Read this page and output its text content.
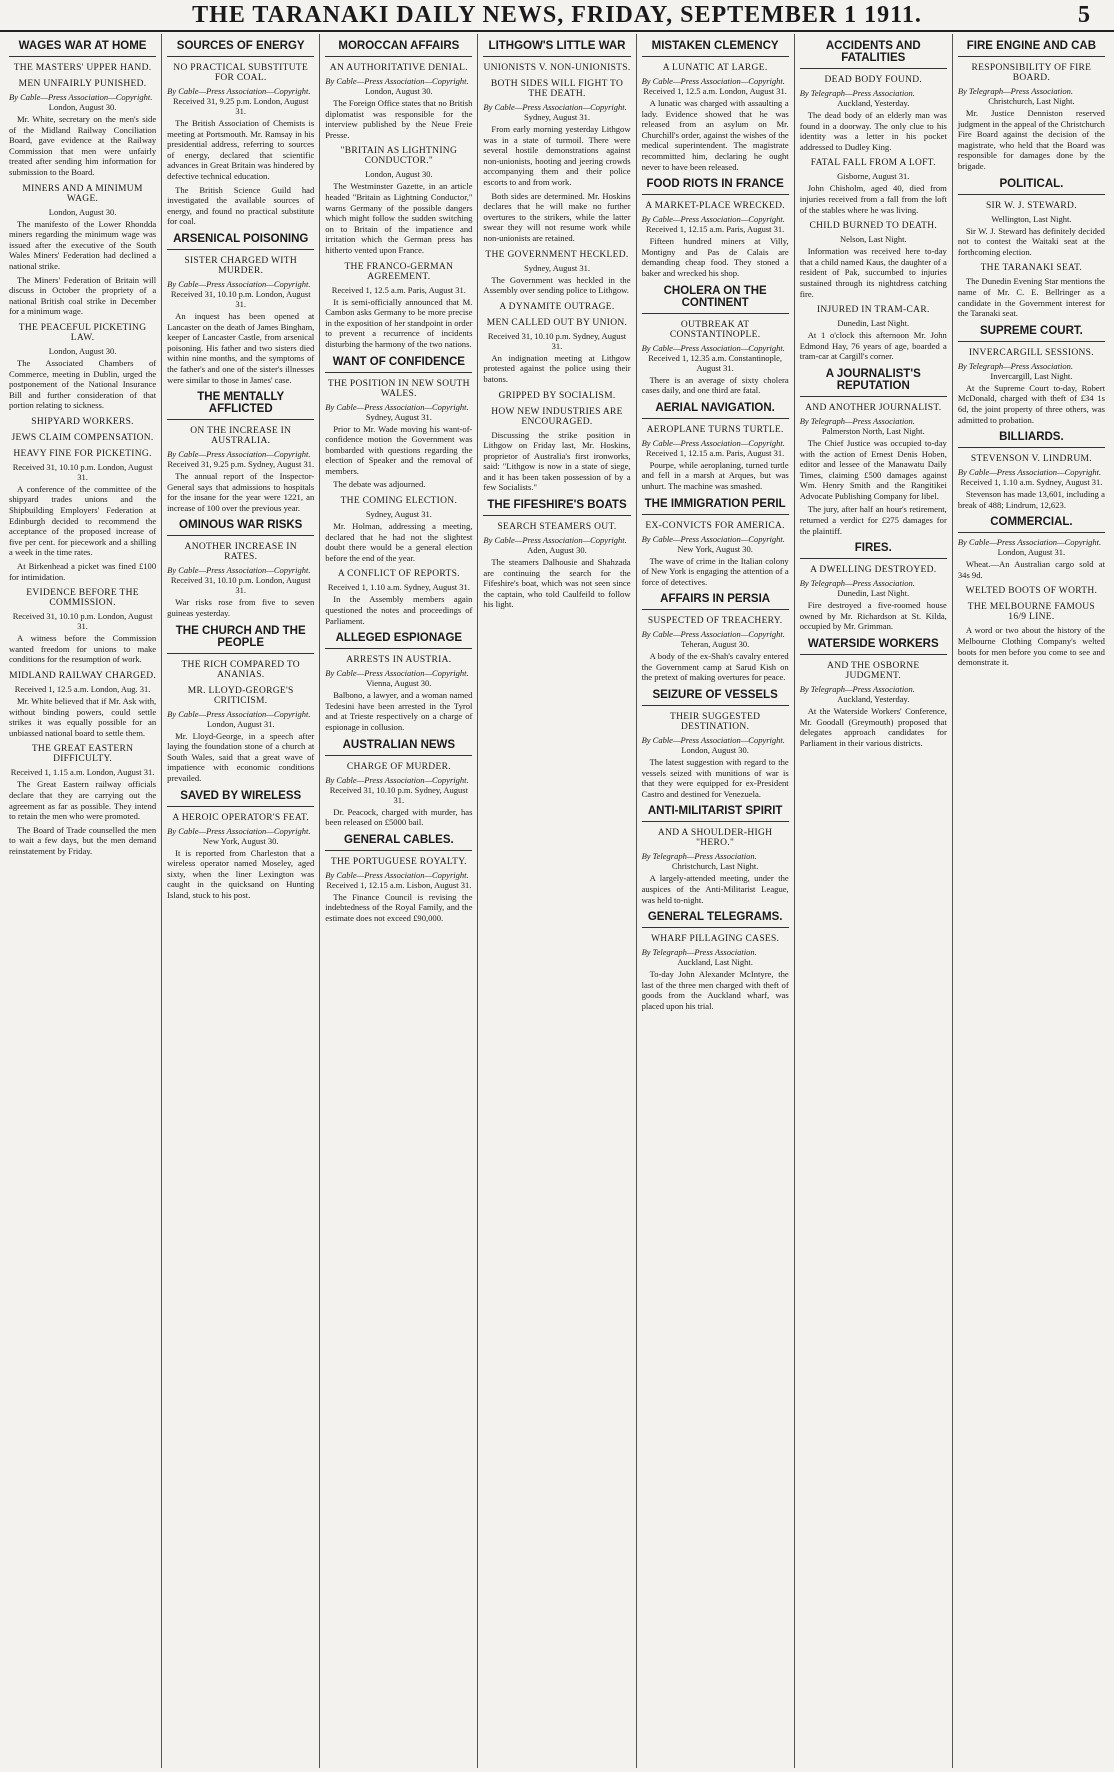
THE TARANAKI DAILY NEWS, FRIDAY, SEPTEMBER 1 1911.	5
WAGES WAR AT HOME
THE MASTERS' UPPER HAND.
MEN UNFAIRLY PUNISHED.
By Cable—Press Association—Copyright.
London, August 30.

Mr. White, secretary on the men's side of the Midland Railway Conciliation Board, gave evidence at the Railway Commission that men were unfairly treated after sending him information for submission to the Board.

MINERS AND A MINIMUM WAGE.
London, August 30.

The manifesto of the Lower Rhondda miners regarding the minimum wage was issued after the executive of the South Wales Miners' Federation had declined a national strike.

The Miners' Federation of Britain will discuss in October the propriety of a national British coal strike in December for a minimum wage.

THE PEACEFUL PICKETING LAW.
London, August 30.

The Associated Chambers of Commerce, meeting in Dublin, urged the postponement of the National Insurance Bill and further consideration of that portion relating to sickness.

SHIPYARD WORKERS.
JEWS CLAIM COMPENSATION.
HEAVY FINE FOR PICKETING.
Received 31, 10.10 p.m. London, August 31.

A conference of the committee of the shipyard trades unions and the Shipbuilding Employers' Federation at Edinburgh decided to recommend the acceptance of the proposed increase of five per cent. for piecework and a shilling a week in the time rates.

At Birkenhead a picket was fined £100 for intimidation.

EVIDENCE BEFORE THE COMMISSION.
Received 31, 10.10 p.m. London, August 31.

A witness before the Commission wanted freedom for unions to make conditions for the resumption of work.

MIDLAND RAILWAY CHARGED.
Received 1, 12.5 a.m. London, Aug. 31.

Mr. White believed that if Mr. Ask with, without binding powers, could settle strikes it was equally possible for an unbiassed national board to settle them.

THE GREAT EASTERN DIFFICULTY.
Received 1, 1.15 a.m. London, August 31.

The Great Eastern railway officials declare that they are carrying out the agreement as far as possible. They intend to retain the men who were promoted.

The Board of Trade counselled the men to wait a few days, but the men demand reinstatement by Friday.

SOURCES OF ENERGY
NO PRACTICAL SUBSTITUTE FOR COAL.
By Cable—Press Association—Copyright.
Received 31, 9.25 p.m. London, August 31.

The British Association of Chemists is meeting at Portsmouth. Mr. Ramsay in his presidential address, referring to sources of energy, declared that scientific advances in Great Britain was hindered by defective technical education.

The British Science Guild had investigated the available sources of energy, and found no practical substitute for coal.

ARSENICAL POISONING
SISTER CHARGED WITH MURDER.
By Cable—Press Association—Copyright.
Received 31, 10.10 p.m. London, August 31.

An inquest has been opened at Lancaster on the death of James Bingham, keeper of Lancaster Castle, from arsenical poisoning. His father and two sisters died within nine months, and the symptoms of the father's and one of the sister's illnesses were similar to those in James' case.

THE MENTALLY AFFLICTED
ON THE INCREASE IN AUSTRALIA.
By Cable—Press Association—Copyright.
Received 31, 9.25 p.m. Sydney, August 31.

The annual report of the Inspector-General says that admissions to hospitals for the insane for the year were 1221, an increase of 100 over the previous year.

OMINOUS WAR RISKS
ANOTHER INCREASE IN RATES.
By Cable—Press Association—Copyright.
Received 31, 10.10 p.m. London, August 31.

War risks rose from five to seven guineas yesterday.

THE CHURCH AND THE PEOPLE
THE RICH COMPARED TO ANANIAS.
MR. LLOYD-GEORGE'S CRITICISM.
By Cable—Press Association—Copyright.
London, August 31.

Mr. Lloyd-George, in a speech after laying the foundation stone of a church at South Wales, said that a great wave of impatience with economic conditions prevailed.

SAVED BY WIRELESS
A HEROIC OPERATOR'S FEAT.
By Cable—Press Association—Copyright.
New York, August 30.

It is reported from Charleston that a wireless operator named Moseley, aged sixty, when the liner Lexington was caught in the quicksand on Hunting Island, stuck to his post.

MOROCCAN AFFAIRS
AN AUTHORITATIVE DENIAL.
By Cable—Press Association—Copyright.
London, August 30.

The Foreign Office states that no British diplomatist was responsible for the interview published by the Neue Freie Presse.

"BRITAIN AS LIGHTNING CONDUCTOR."
London, August 30.

The Westminster Gazette, in an article headed "Britain as Lightning Conductor," warns Germany of the possible dangers which might follow the sudden switching on to Britain of the impatience and irritation which the German press has hitherto vented upon France.

THE FRANCO-GERMAN AGREEMENT.
Received 1, 12.5 a.m. Paris, August 31.

It is semi-officially announced that M. Cambon asks Germany to be more precise in the exposition of her standpoint in order to prevent a recurrence of incidents disturbing the harmony of the two nations.

WANT OF CONFIDENCE
THE POSITION IN NEW SOUTH WALES.
By Cable—Press Association—Copyright.
Sydney, August 31.

Prior to Mr. Wade moving his want-of-confidence motion the Government was bombarded with questions regarding the election of Speaker and the removal of members.

The debate was adjourned.

THE COMING ELECTION.
Sydney, August 31.

Mr. Holman, addressing a meeting, declared that he had not the slightest doubt there would be a general election before the end of the year.

A CONFLICT OF REPORTS.
Received 1, 1.10 a.m. Sydney, August 31.

In the Assembly members again questioned the notes and proceedings of Parliament.

ALLEGED ESPIONAGE
ARRESTS IN AUSTRIA.
By Cable—Press Association—Copyright.
Vienna, August 30.

Balbono, a lawyer, and a woman named Tedesini have been arrested in the Tyrol and at Trieste respectively on a charge of espionage in collusion.

AUSTRALIAN NEWS
CHARGE OF MURDER.
By Cable—Press Association—Copyright.
Received 31, 10.10 p.m. Sydney, August 31.

Dr. Peacock, charged with murder, has been released on £5000 bail.

GENERAL CABLES.
THE PORTUGUESE ROYALTY.
By Cable—Press Association—Copyright.
Received 1, 12.15 a.m. Lisbon, August 31.

The Finance Council is revising the indebtedness of the Royal Family, and the estimate does not exceed £90,000.

LITHGOW'S LITTLE WAR
UNIONISTS V. NON-UNIONISTS.
BOTH SIDES WILL FIGHT TO THE DEATH.
By Cable—Press Association—Copyright.
Sydney, August 31.

From early morning yesterday Lithgow was in a state of turmoil. There were several hostile demonstrations against non-unionists, hooting and jeering crowds accompanying them and their police escorts to and from work.

Both sides are determined. Mr. Hoskins declares that he will make no further overtures to the strikers, while the latter swear they will not resume work while non-unionists are retained.

THE GOVERNMENT HECKLED.
Sydney, August 31.

The Government was heckled in the Assembly over sending police to Lithgow.

A DYNAMITE OUTRAGE.
MEN CALLED OUT BY UNION.
Received 31, 10.10 p.m. Sydney, August 31.

An indignation meeting at Lithgow protested against the police using their batons.

GRIPPED BY SOCIALISM.
HOW NEW INDUSTRIES ARE ENCOURAGED.

Discussing the strike position in Lithgow on Friday last, Mr. Hoskins, proprietor of Australia's first ironworks, said: "Lithgow is now in a state of siege, and it has been taken possession of by a few Socialists."

THE FIFESHIRE'S BOATS
SEARCH STEAMERS OUT.
By Cable—Press Association—Copyright.
Aden, August 30.

The steamers Dalhousie and Shahzada are continuing the search for the Fifeshire's boat, which was not seen since the captain, who told Caulfeild to follow his light.

MISTAKEN CLEMENCY
A LUNATIC AT LARGE.
By Cable—Press Association—Copyright.
Received 1, 12.5 a.m. London, August 31.

A lunatic was charged with assaulting a lady. Evidence showed that he was released from an asylum on Mr. Churchill's order, against the wishes of the medical superintendent. The magistrate recommitted him, declaring he ought never to have been released.

FOOD RIOTS IN FRANCE
A MARKET-PLACE WRECKED.
By Cable—Press Association—Copyright.
Received 1, 12.15 a.m. Paris, August 31.

Fifteen hundred miners at Villy, Montigny and Pas de Calais are demanding cheap food. They stoned a baker and wrecked his shop.

CHOLERA ON THE CONTINENT
OUTBREAK AT CONSTANTINOPLE.
By Cable—Press Association—Copyright.
Received 1, 12.35 a.m. Constantinople, August 31.

There is an average of sixty cholera cases daily, and one third are fatal.

AERIAL NAVIGATION.
AEROPLANE TURNS TURTLE.
By Cable—Press Association—Copyright.
Received 1, 12.15 a.m. Paris, August 31.

Pourpe, while aeroplaning, turned turtle and fell in a marsh at Arques, but was unhurt. The machine was smashed.

THE IMMIGRATION PERIL
EX-CONVICTS FOR AMERICA.
By Cable—Press Association—Copyright.
New York, August 30.

The wave of crime in the Italian colony of New York is engaging the attention of a force of detectives.

AFFAIRS IN PERSIA
SUSPECTED OF TREACHERY.
By Cable—Press Association—Copyright.
Teheran, August 30.

A body of the ex-Shah's cavalry entered the Government camp at Sarud Kish on the pretext of making overtures for peace.

SEIZURE OF VESSELS
THEIR SUGGESTED DESTINATION.
By Cable—Press Association—Copyright.
London, August 30.

The latest suggestion with regard to the vessels seized with munitions of war is that they were equipped for ex-President Castro and destined for Venezuela.

ANTI-MILITARIST SPIRIT
AND A SHOULDER-HIGH "HERO."
By Telegraph—Press Association.
Christchurch, Last Night.

A largely-attended meeting, under the auspices of the Anti-Militarist League, was held to-night.

GENERAL TELEGRAMS.
WHARF PILLAGING CASES.
By Telegraph—Press Association.
Auckland, Last Night.

To-day John Alexander McIntyre, the last of the three men charged with theft of goods from the Auckland wharf, was placed upon his trial.

ACCIDENTS AND FATALITIES
DEAD BODY FOUND.
By Telegraph—Press Association.
Auckland, Yesterday.

The dead body of an elderly man was found in a doorway. The only clue to his identity was a letter in his pocket addressed to Dudley King.

FATAL FALL FROM A LOFT.
Gisborne, August 31.

John Chisholm, aged 40, died from injuries received from a fall from the loft of the stables where he was living.

CHILD BURNED TO DEATH.
Nelson, Last Night.

Information was received here to-day that a child named Kaus, the daughter of a resident of Pak, succumbed to injuries sustained through its nightdress catching fire.

INJURED IN TRAM-CAR.
Dunedin, Last Night.

At 1 o'clock this afternoon Mr. John Edmond Hay, 76 years of age, boarded a tram-car at Cargill's corner.

A JOURNALIST'S REPUTATION
AND ANOTHER JOURNALIST.
By Telegraph—Press Association.
Palmerston North, Last Night.

The Chief Justice was occupied to-day with the action of Ernest Denis Hoben, editor and lessee of the Manawatu Daily Times, claiming £500 damages against Wm. Henry Smith and the Rangitikei Advocate Publishing Company for libel.

The jury, after half an hour's retirement, returned a verdict for £275 damages for the plaintiff.

FIRES.
A DWELLING DESTROYED.
By Telegraph—Press Association.
Dunedin, Last Night.

Fire destroyed a five-roomed house owned by Mr. Richardson at St. Kilda, occupied by Mr. Grimman.

WATERSIDE WORKERS
AND THE OSBORNE JUDGMENT.
By Telegraph—Press Association.
Auckland, Yesterday.

At the Waterside Workers' Conference, Mr. Goodall (Greymouth) proposed that delegates approach candidates for Parliament in their various districts.

FIRE ENGINE AND CAB
RESPONSIBILITY OF FIRE BOARD.
By Telegraph—Press Association.
Christchurch, Last Night.

Mr. Justice Denniston reserved judgment in the appeal of the Christchurch Fire Board against the decision of the magistrate, who held that the Board was responsible for damages done by the brigade.

POLITICAL.
SIR W. J. STEWARD.
Wellington, Last Night.

Sir W. J. Steward has definitely decided not to contest the Waitaki seat at the forthcoming election.

THE TARANAKI SEAT.

The Dunedin Evening Star mentions the name of Mr. C. E. Bellringer as a candidate in the Government interest for the Taranaki seat.

SUPREME COURT.
INVERCARGILL SESSIONS.
By Telegraph—Press Association.
Invercargill, Last Night.

At the Supreme Court to-day, Robert McDonald, charged with theft of £34 1s 6d, the joint property of three others, was admitted to probation.

BILLIARDS.
STEVENSON V. LINDRUM.
By Cable—Press Association—Copyright.
Received 1, 1.10 a.m. Sydney, August 31.

Stevenson has made 13,601, including a break of 488; Lindrum, 12,623.

COMMERCIAL.
By Cable—Press Association—Copyright.
London, August 31.

Wheat.—An Australian cargo sold at 34s 9d.

WELTED BOOTS OF WORTH.
THE MELBOURNE FAMOUS 16/9 LINE.

A word or two about the history of the Melbourne Clothing Company's welted boots for men before you come to see and demonstrate it.
